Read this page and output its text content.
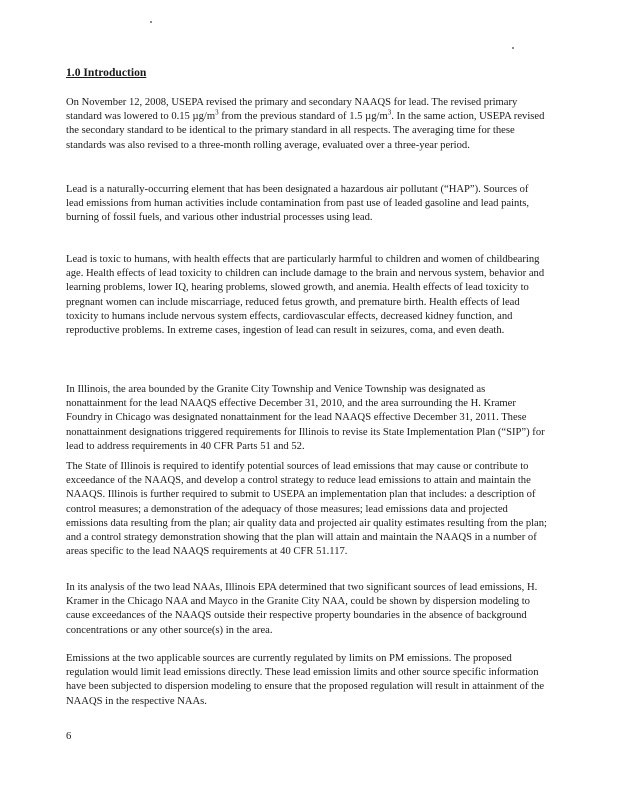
1.0 Introduction

On November 12, 2008, USEPA revised the primary and secondary NAAQS for lead. The revised primary standard was lowered to 0.15 $\mu g/m^3$ from the previous standard of 1.5 $\mu g/m^3$. In the same action, USEPA revised the secondary standard to be identical to the primary standard in all respects. The averaging time for these standards was also revised to a three-month rolling average, evaluated over a three-year period.

Lead is a naturally-occurring element that has been designated a hazardous air pollutant (“HAP”). Sources of lead emissions from human activities include contamination from past use of leaded gasoline and lead paints, burning of fossil fuels, and various other industrial processes using lead.

Lead is toxic to humans, with health effects that are particularly harmful to children and women of childbearing age. Health effects of lead toxicity to children can include damage to the brain and nervous system, behavior and learning problems, lower IQ, hearing problems, slowed growth, and anemia. Health effects of lead toxicity to pregnant women can include miscarriage, reduced fetus growth, and premature birth. Health effects of lead toxicity to humans include nervous system effects, cardiovascular effects, decreased kidney function, and reproductive problems. In extreme cases, ingestion of lead can result in seizures, coma, and even death.

In Illinois, the area bounded by the Granite City Township and Venice Township was designated as nonattainment for the lead NAAQS effective December 31, 2010, and the area surrounding the H. Kramer Foundry in Chicago was designated nonattainment for the lead NAAQS effective December 31, 2011. These nonattainment designations triggered requirements for Illinois to revise its State Implementation Plan (“SIP”) for lead to address requirements in 40 CFR Parts 51 and 52.

The State of Illinois is required to identify potential sources of lead emissions that may cause or contribute to exceedance of the NAAQS, and develop a control strategy to reduce lead emissions to attain and maintain the NAAQS. Illinois is further required to submit to USEPA an implementation plan that includes: a description of control measures; a demonstration of the adequacy of those measures; lead emissions data and projected emissions data resulting from the plan; air quality data and projected air quality estimates resulting from the plan; and a control strategy demonstration showing that the plan will attain and maintain the NAAQS in a number of areas specific to the lead NAAQS requirements at 40 CFR 51.117.

In its analysis of the two lead NAAs, Illinois EPA determined that two significant sources of lead emissions, H. Kramer in the Chicago NAA and Mayco in the Granite City NAA, could be shown by dispersion modeling to cause exceedances of the NAAQS outside their respective property boundaries in the absence of background concentrations or any other source(s) in the area.

Emissions at the two applicable sources are currently regulated by limits on PM emissions. The proposed regulation would limit lead emissions directly. These lead emission limits and other source specific information have been subjected to dispersion modeling to ensure that the proposed regulation will result in attainment of the NAAQS in the respective NAAs.

6
